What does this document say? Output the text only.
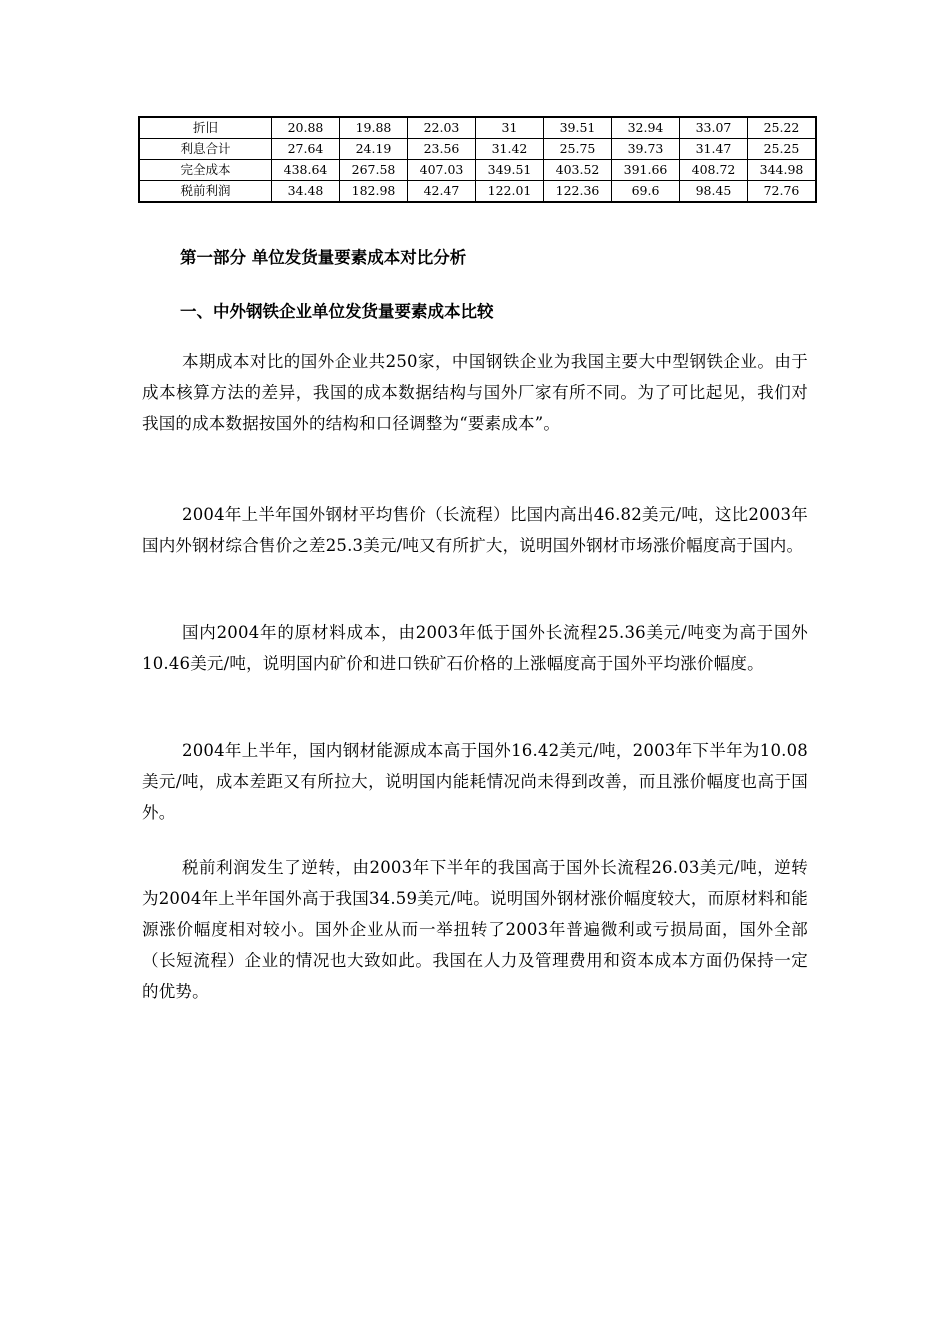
折旧	20.88	19.88	22.03	31	39.51	32.94	33.07	25.22
利息合计	27.64	24.19	23.56	31.42	25.75	39.73	31.47	25.25
完全成本	438.64	267.58	407.03	349.51	403.52	391.66	408.72	344.98
税前利润	34.48	182.98	42.47	122.01	122.36	69.6	98.45	72.76
第一部分 单位发货量要素成本对比分析
一、中外钢铁企业单位发货量要素成本比较

本期成本对比的国外企业共250家，中国钢铁企业为我国主要大中型钢铁企业。由于成本核算方法的差异，我国的成本数据结构与国外厂家有所不同。为了可比起见，我们对我国的成本数据按国外的结构和口径调整为“要素成本”。

2004年上半年国外钢材平均售价（长流程）比国内高出46.82美元/吨，这比2003年国内外钢材综合售价之差25.3美元/吨又有所扩大，说明国外钢材市场涨价幅度高于国内。

国内2004年的原材料成本，由2003年低于国外长流程25.36美元/吨变为高于国外10.46美元/吨，说明国内矿价和进口铁矿石价格的上涨幅度高于国外平均涨价幅度。

2004年上半年，国内钢材能源成本高于国外16.42美元/吨，2003年下半年为10.08美元/吨，成本差距又有所拉大，说明国内能耗情况尚未得到改善，而且涨价幅度也高于国外。

税前利润发生了逆转，由2003年下半年的我国高于国外长流程26.03美元/吨，逆转为2004年上半年国外高于我国34.59美元/吨。说明国外钢材涨价幅度较大，而原材料和能源涨价幅度相对较小。国外企业从而一举扭转了2003年普遍微利或亏损局面，国外全部（长短流程）企业的情况也大致如此。我国在人力及管理费用和资本成本方面仍保持一定的优势。
